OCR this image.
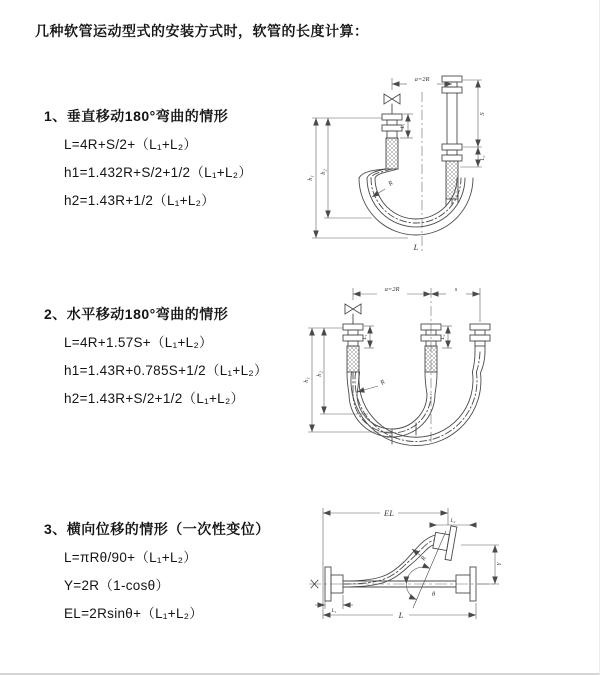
几种软管运动型式的安装方式时，软管的长度计算：
1、垂直移动180°弯曲的情形
L=4R+S/2+（L₁+L₂）
h1=1.432R+S/2+1/2（L₁+L₂）
h2=1.43R+1/2（L₁+L₂）
2、水平移动180°弯曲的情形
L=4R+1.57S+（L₁+L₂）
h1=1.43R+0.785S+1/2（L₁+L₂）
h2=1.43R+S/2+1/2（L₁+L₂）
3、横向位移的情形（一次性变位）
L=πRθ/90+（L₁+L₂）
Y=2R（1-cosθ）
EL=2Rsinθ+（L₁+L₂）
a=2R
L₁
S
L₂
h₁
h₂
R
L
a=2R	s
L₁	L₂
h₁
h₂
R
EL
L₂
Y
R
θ
L
L₁
